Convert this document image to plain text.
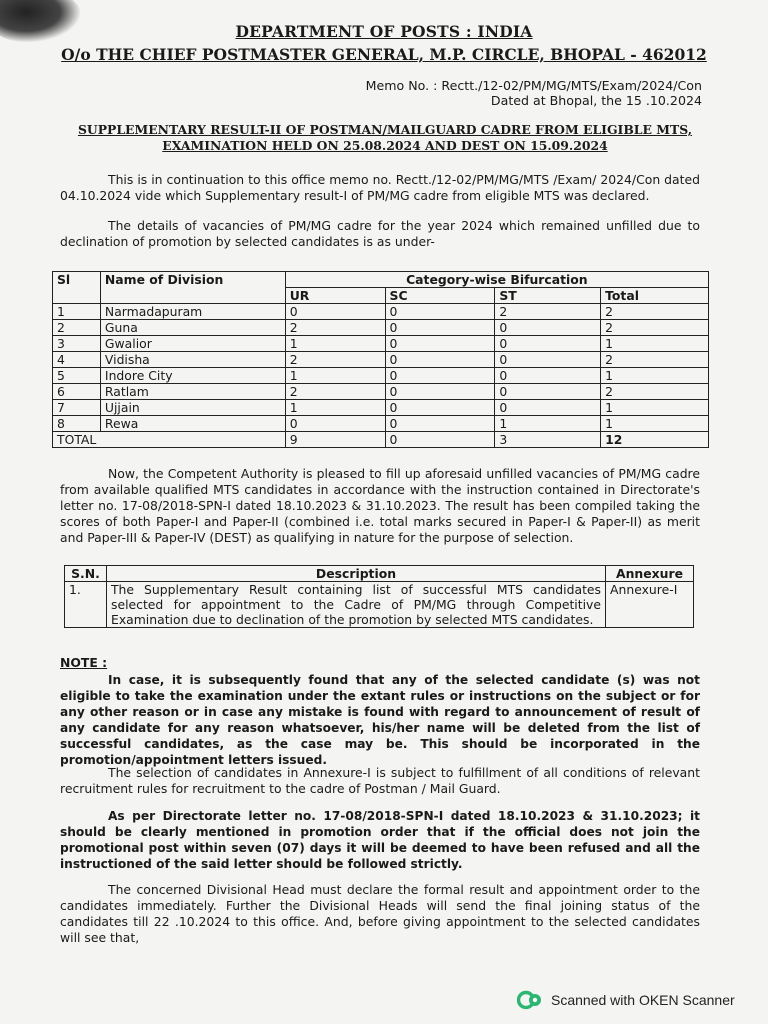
DEPARTMENT OF POSTS : INDIA
O/o THE CHIEF POSTMASTER GENERAL, M.P. CIRCLE, BHOPAL - 462012
Memo No. : Rectt./12-02/PM/MG/MTS/Exam/2024/Con
Dated at Bhopal, the 15 .10.2024
SUPPLEMENTARY RESULT-II OF POSTMAN/MAILGUARD CADRE FROM ELIGIBLE MTS,
EXAMINATION HELD ON 25.08.2024 AND DEST ON 15.09.2024
This is in continuation to this office memo no. Rectt./12-02/PM/MG/MTS /Exam/ 2024/Con dated 04.10.2024 vide which Supplementary result-I of PM/MG cadre from eligible MTS was declared.
The details of vacancies of PM/MG cadre for the year 2024 which remained unfilled due to declination of promotion by selected candidates is as under-
Sl	Name of Division	Category-wise Bifurcation			
		UR	SC	ST	Total
1	Narmadapuram	0	0	2	2
2	Guna	2	0	0	2
3	Gwalior	1	0	0	1
4	Vidisha	2	0	0	2
5	Indore City	1	0	0	1
6	Ratlam	2	0	0	2
7	Ujjain	1	0	0	1
8	Rewa	0	0	1	1
TOTAL		9	0	3	12
Now, the Competent Authority is pleased to fill up aforesaid unfilled vacancies of PM/MG cadre from available qualified MTS candidates in accordance with the instruction contained in Directorate's letter no. 17-08/2018-SPN-I dated 18.10.2023 & 31.10.2023. The result has been compiled taking the scores of both Paper-I and Paper-II (combined i.e. total marks secured in Paper-I & Paper-II) as merit and Paper-III & Paper-IV (DEST) as qualifying in nature for the purpose of selection.
S.N.	Description	Annexure
1.	The Supplementary Result containing list of successful MTS candidates selected for appointment to the Cadre of PM/MG through Competitive Examination due to declination of the promotion by selected MTS candidates.	Annexure-I
NOTE :
In case, it is subsequently found that any of the selected candidate (s) was not eligible to take the examination under the extant rules or instructions on the subject or for any other reason or in case any mistake is found with regard to announcement of result of any candidate for any reason whatsoever, his/her name will be deleted from the list of successful candidates, as the case may be. This should be incorporated in the promotion/appointment letters issued.
The selection of candidates in Annexure-I is subject to fulfillment of all conditions of relevant recruitment rules for recruitment to the cadre of Postman / Mail Guard.
As per Directorate letter no. 17-08/2018-SPN-I dated 18.10.2023 & 31.10.2023; it should be clearly mentioned in promotion order that if the official does not join the promotional post within seven (07) days it will be deemed to have been refused and all the instructioned of the said letter should be followed strictly.
The concerned Divisional Head must declare the formal result and appointment order to the candidates immediately. Further the Divisional Heads will send the final joining status of the candidates till 22 .10.2024 to this office. And, before giving appointment to the selected candidates will see that,
Scanned with OKEN Scanner
